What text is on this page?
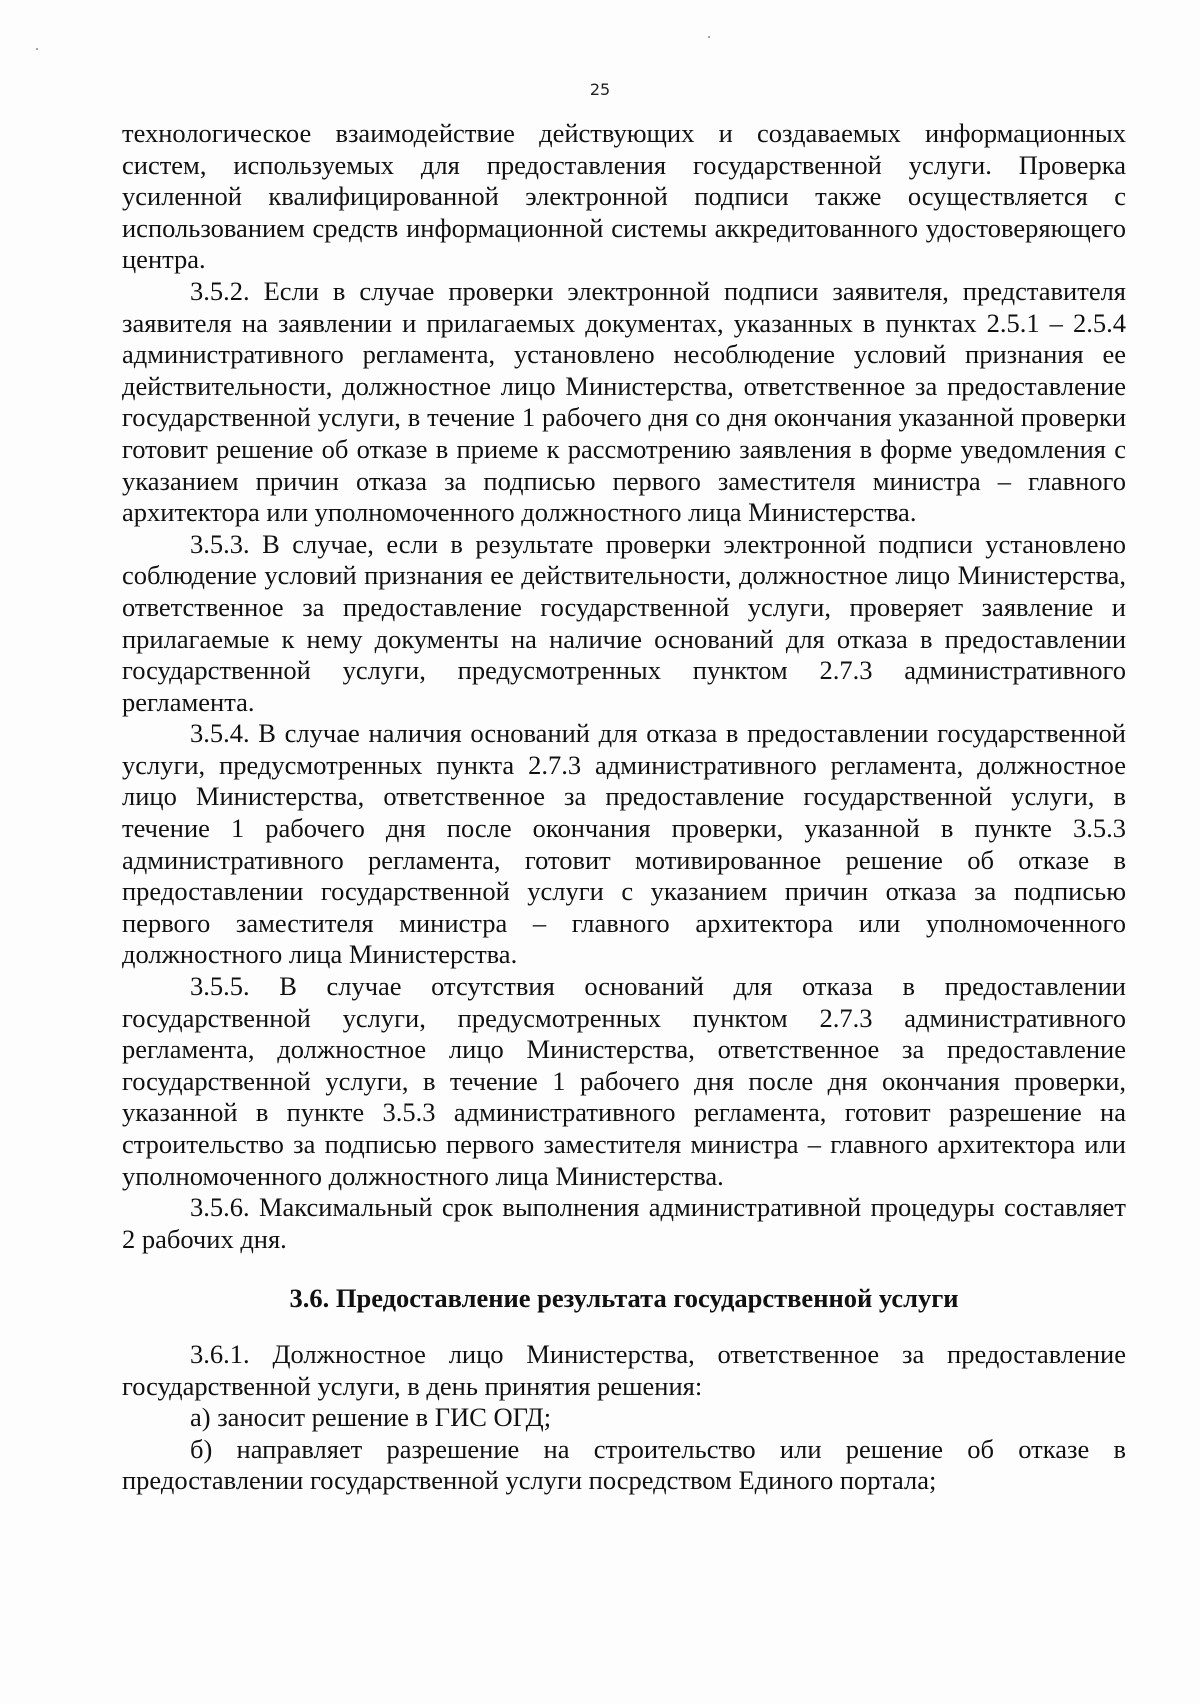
25

технологическое взаимодействие действующих и создаваемых информационных систем, используемых для предоставления государственной услуги. Проверка усиленной квалифицированной электронной подписи также осуществляется с использованием средств информационной системы аккредитованного удостоверяющего центра.

3.5.2. Если в случае проверки электронной подписи заявителя, представителя заявителя на заявлении и прилагаемых документах, указанных в пунктах 2.5.1 – 2.5.4 административного регламента, установлено несоблюдение условий признания ее действительности, должностное лицо Министерства, ответственное за предоставление государственной услуги, в течение 1 рабочего дня со дня окончания указанной проверки готовит решение об отказе в приеме к рассмотрению заявления в форме уведомления с указанием причин отказа за подписью первого заместителя министра – главного архитектора или уполномоченного должностного лица Министерства.

3.5.3. В случае, если в результате проверки электронной подписи установлено соблюдение условий признания ее действительности, должностное лицо Министерства, ответственное за предоставление государственной услуги, проверяет заявление и прилагаемые к нему документы на наличие оснований для отказа в предоставлении государственной услуги, предусмотренных пунктом 2.7.3 административного регламента.

3.5.4. В случае наличия оснований для отказа в предоставлении государственной услуги, предусмотренных пункта 2.7.3 административного регламента, должностное лицо Министерства, ответственное за предоставление государственной услуги, в течение 1 рабочего дня после окончания проверки, указанной в пункте 3.5.3 административного регламента, готовит мотивированное решение об отказе в предоставлении государственной услуги с указанием причин отказа за подписью первого заместителя министра – главного архитектора или уполномоченного должностного лица Министерства.

3.5.5. В случае отсутствия оснований для отказа в предоставлении государственной услуги, предусмотренных пунктом 2.7.3 административного регламента, должностное лицо Министерства, ответственное за предоставление государственной услуги, в течение 1 рабочего дня после дня окончания проверки, указанной в пункте 3.5.3 административного регламента, готовит разрешение на строительство за подписью первого заместителя министра – главного архитектора или уполномоченного должностного лица Министерства.

3.5.6. Максимальный срок выполнения административной процедуры составляет 2 рабочих дня.

3.6. Предоставление результата государственной услуги

3.6.1. Должностное лицо Министерства, ответственное за предоставление государственной услуги, в день принятия решения:

а) заносит решение в ГИС ОГД;

б) направляет разрешение на строительство или решение об отказе в предоставлении государственной услуги посредством Единого портала;
